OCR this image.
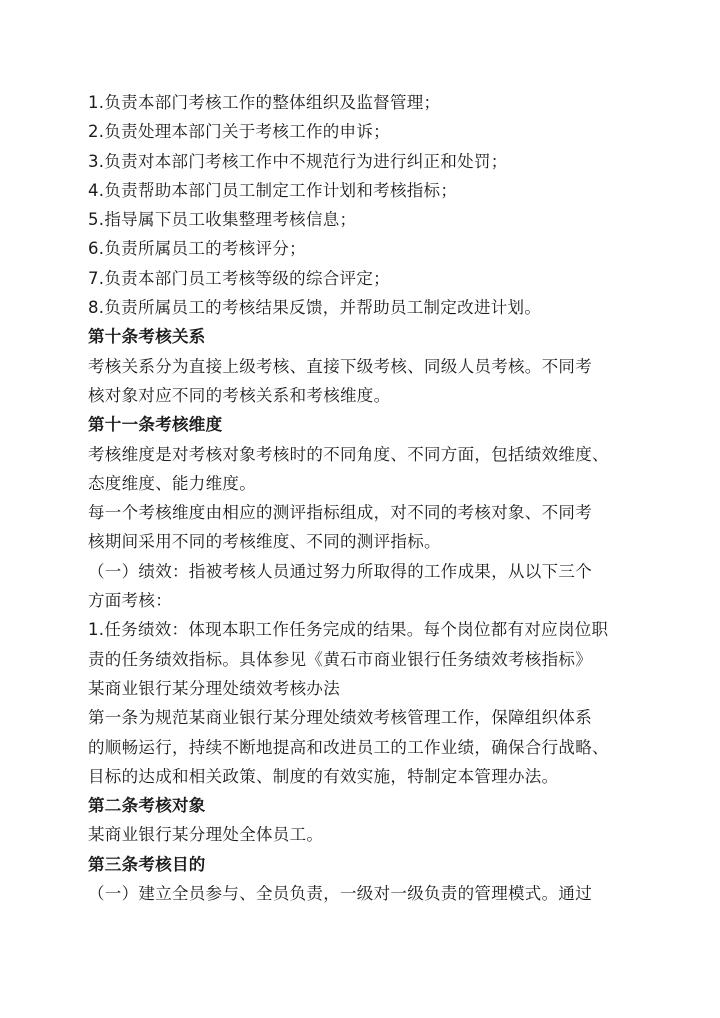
1.负责本部门考核工作的整体组织及监督管理；
2.负责处理本部门关于考核工作的申诉；
3.负责对本部门考核工作中不规范行为进行纠正和处罚；
4.负责帮助本部门员工制定工作计划和考核指标；
5.指导属下员工收集整理考核信息；
6.负责所属员工的考核评分；
7.负责本部门员工考核等级的综合评定；
8.负责所属员工的考核结果反馈，并帮助员工制定改进计划。
第十条考核关系
考核关系分为直接上级考核、直接下级考核、同级人员考核。不同考
核对象对应不同的考核关系和考核维度。
第十一条考核维度
考核维度是对考核对象考核时的不同角度、不同方面，包括绩效维度、
态度维度、能力维度。
每一个考核维度由相应的测评指标组成，对不同的考核对象、不同考
核期间采用不同的考核维度、不同的测评指标。
（一）绩效：指被考核人员通过努力所取得的工作成果，从以下三个
方面考核：
1.任务绩效：体现本职工作任务完成的结果。每个岗位都有对应岗位职
责的任务绩效指标。具体参见《黄石市商业银行任务绩效考核指标》
某商业银行某分理处绩效考核办法
第一条为规范某商业银行某分理处绩效考核管理工作，保障组织体系
的顺畅运行，持续不断地提高和改进员工的工作业绩，确保合行战略、
目标的达成和相关政策、制度的有效实施，特制定本管理办法。
第二条考核对象
某商业银行某分理处全体员工。
第三条考核目的
（一）建立全员参与、全员负责，一级对一级负责的管理模式。通过
